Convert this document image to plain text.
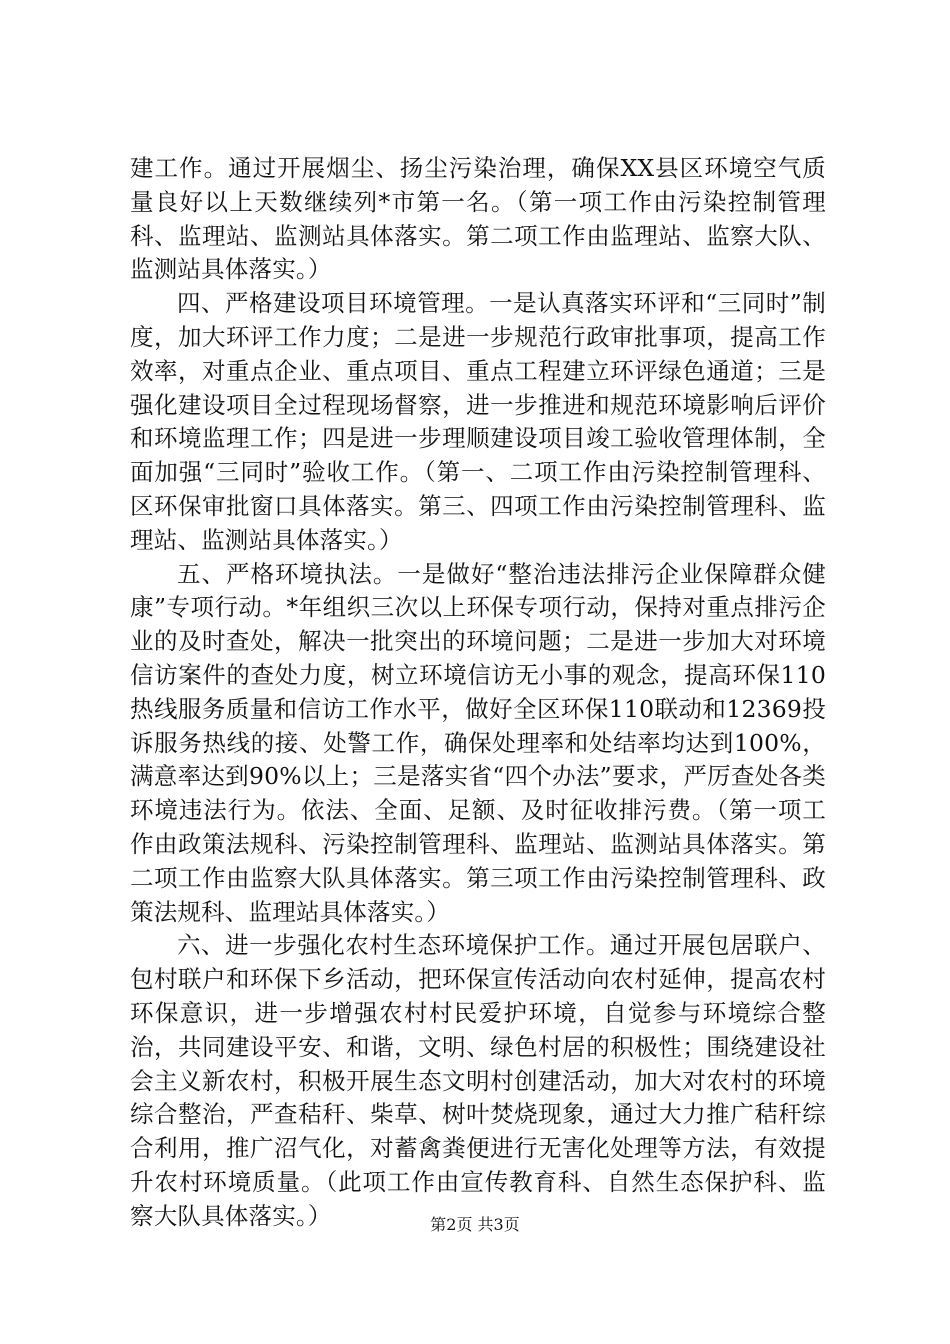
建工作。通过开展烟尘、扬尘污染治理，确保XX县区环境空气质量良好以上天数继续列*市第一名。（第一项工作由污染控制管理科、监理站、监测站具体落实。第二项工作由监理站、监察大队、监测站具体落实。）

四、严格建设项目环境管理。一是认真落实环评和“三同时”制度，加大环评工作力度；二是进一步规范行政审批事项，提高工作效率，对重点企业、重点项目、重点工程建立环评绿色通道；三是强化建设项目全过程现场督察，进一步推进和规范环境影响后评价和环境监理工作；四是进一步理顺建设项目竣工验收管理体制，全面加强“三同时”验收工作。（第一、二项工作由污染控制管理科、区环保审批窗口具体落实。第三、四项工作由污染控制管理科、监理站、监测站具体落实。）

五、严格环境执法。一是做好“整治违法排污企业保障群众健康”专项行动。*年组织三次以上环保专项行动，保持对重点排污企业的及时查处，解决一批突出的环境问题；二是进一步加大对环境信访案件的查处力度，树立环境信访无小事的观念，提高环保110热线服务质量和信访工作水平，做好全区环保110联动和12369投诉服务热线的接、处警工作，确保处理率和处结率均达到100%，满意率达到90%以上；三是落实省“四个办法”要求，严厉查处各类环境违法行为。依法、全面、足额、及时征收排污费。（第一项工作由政策法规科、污染控制管理科、监理站、监测站具体落实。第二项工作由监察大队具体落实。第三项工作由污染控制管理科、政策法规科、监理站具体落实。）

六、进一步强化农村生态环境保护工作。通过开展包居联户、包村联户和环保下乡活动，把环保宣传活动向农村延伸，提高农村环保意识，进一步增强农村村民爱护环境，自觉参与环境综合整治，共同建设平安、和谐，文明、绿色村居的积极性；围绕建设社会主义新农村，积极开展生态文明村创建活动，加大对农村的环境综合整治，严查秸秆、柴草、树叶焚烧现象，通过大力推广秸秆综合利用，推广沼气化，对蓄禽粪便进行无害化处理等方法，有效提升农村环境质量。（此项工作由宣传教育科、自然生态保护科、监察大队具体落实。）	第2页 共3页
